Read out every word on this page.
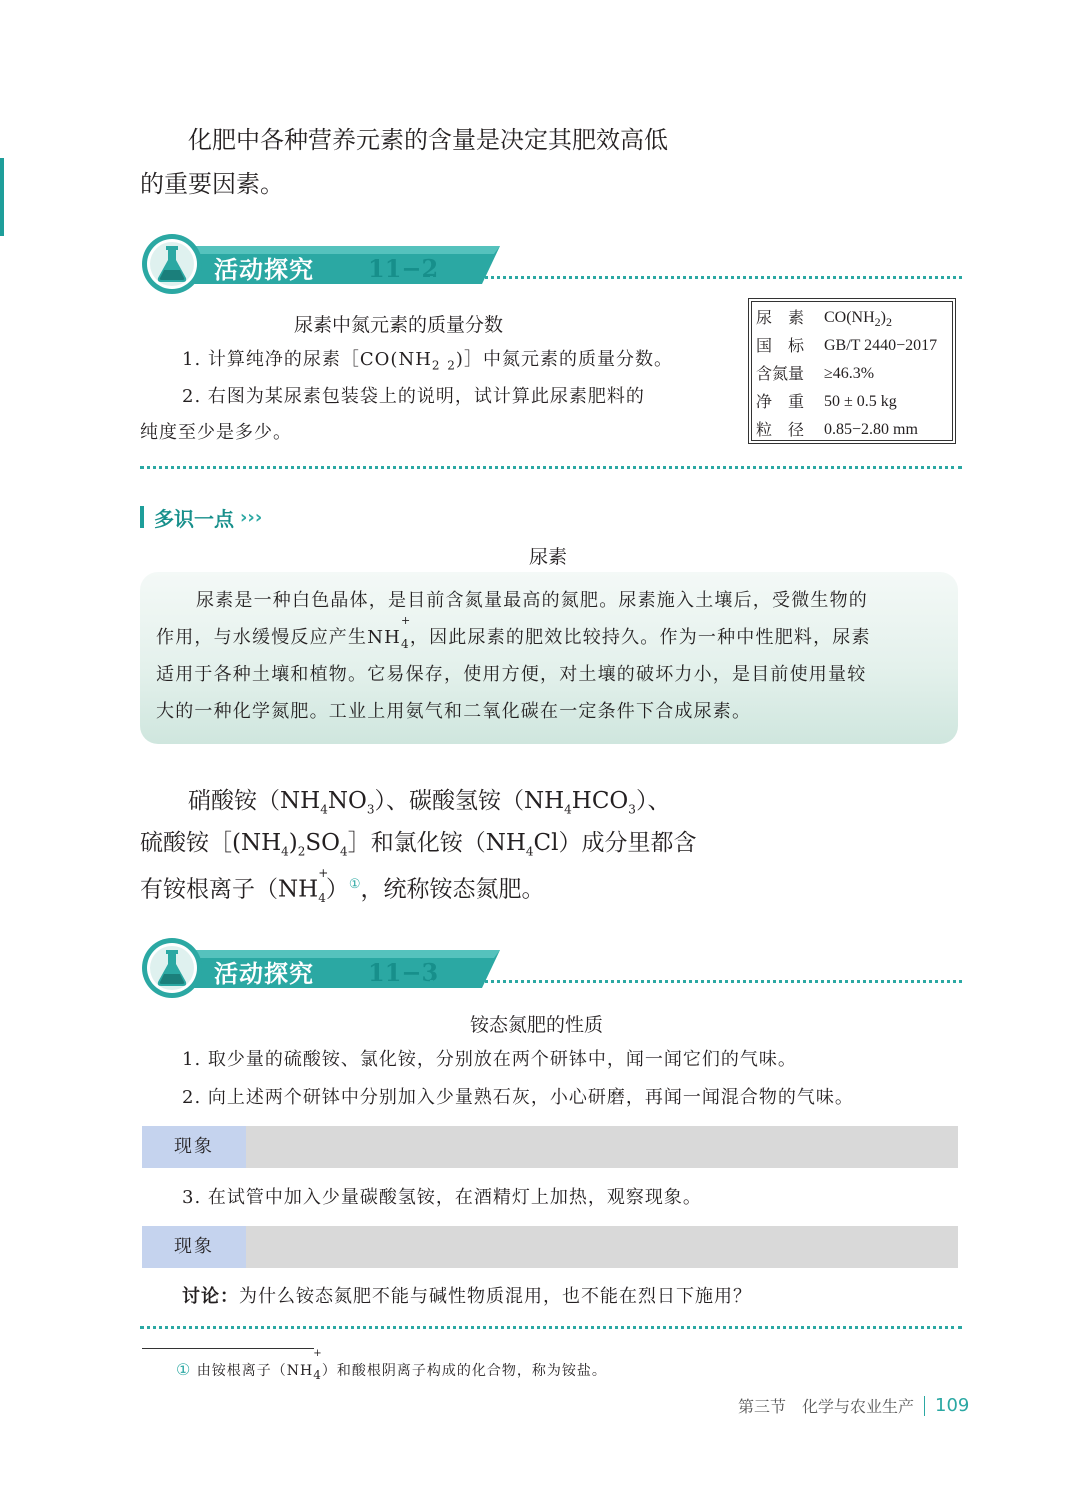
化肥中各种营养元素的含量是决定其肥效高低
的重要因素。
活动探究 11−2
尿素中氮元素的质量分数
1. 计算纯净的尿素$[CO(NH_2$ $_2$)］中氮元素的质量分数。
2. 右图为某尿素包装袋上的说明，试计算此尿素肥料的
纯度至少是多少。
尿　素	$CO(NH_2)_2$
国　标	GB/T 2440−2017
含氮量	≥46.3%
净　重	50 ± 0.5 kg
粒　径	0.85−2.80 mm
多识一点 ›››
尿素
尿素是一种白色晶体，是目前含氮量最高的氮肥。尿素施入土壤后，受微生物的
作用，与水缓慢反应产生NH
$_{+ 4}$，因此尿素的肥效比较持久。作为一种中性肥料，尿素
适用于各种土壤和植物。它易保存，使用方便，对土壤的破坏力小，是目前使用量较
大的一种化学氮肥。工业上用氨气和二氧化碳在一定条件下合成尿素。
硝酸铵$(NH_4NO_3)$、碳酸氢铵$(NH_4HCO_3)$、
硫酸铵$[(NH_4)_2SO_4]$和氯化铵$(NH_4Cl)$成分里都含
有铵根离子（NH
$_{+ 4}$）①，统称铵态氮肥。
活动探究 11−3
铵态氮肥的性质
1. 取少量的硫酸铵、氯化铵，分别放在两个研钵中，闻一闻它们的气味。
2. 向上述两个研钵中分别加入少量熟石灰，小心研磨，再闻一闻混合物的气味。
现象
3. 在试管中加入少量碳酸氢铵，在酒精灯上加热，观察现象。
现象
讨论：为什么铵态氮肥不能与碱性物质混用，也不能在烈日下施用？
① 由铵根离子（NH
$_{+ 4}$）和酸根阴离子构成的化合物，称为铵盐。
第三节　化学与农业生产 109
